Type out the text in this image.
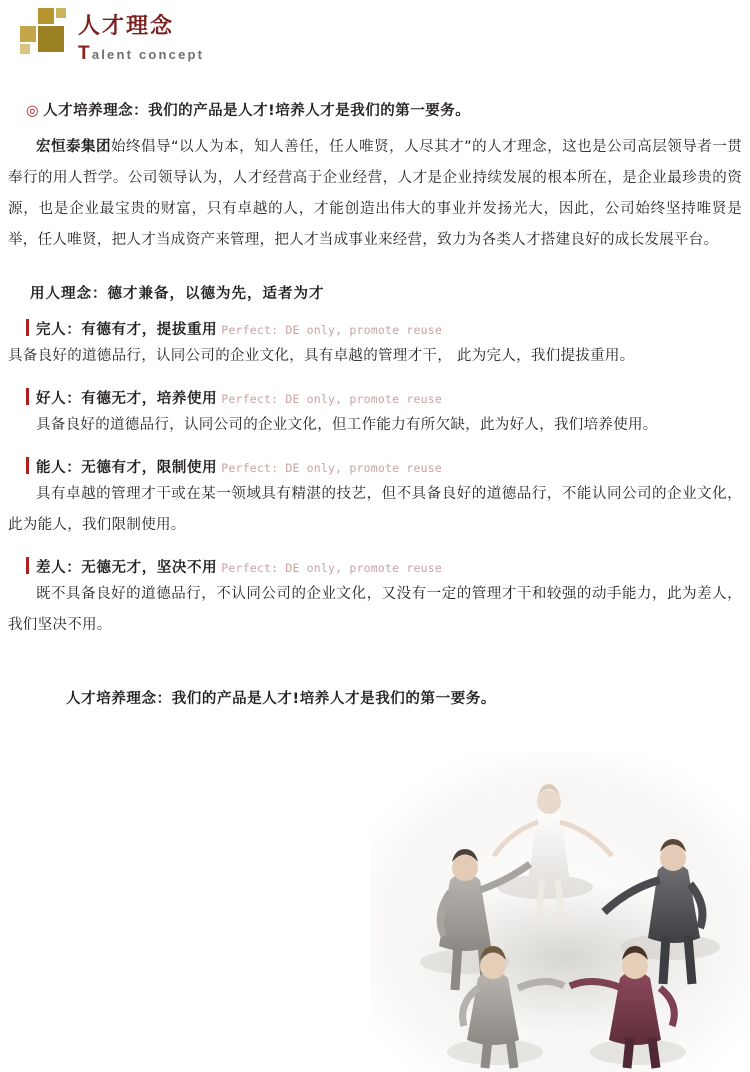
人才理念
Talent concept
◎ 人才培养理念：我们的产品是人才!培养人才是我们的第一要务。

宏恒泰集团始终倡导“以人为本，知人善任，任人唯贤，人尽其才”的人才理念，这也是公司高层领导者一贯奉行的用人哲学。公司领导认为，人才经营高于企业经营，人才是企业持续发展的根本所在，是企业最珍贵的资源，也是企业最宝贵的财富，只有卓越的人，才能创造出伟大的事业并发扬光大，因此，公司始终坚持唯贤是举，任人唯贤，把人才当成资产来管理，把人才当成事业来经营，致力为各类人才搭建良好的成长发展平台。

用人理念：德才兼备，以德为先，适者为才
完人：有德有才，提拔重用 Perfect: DE only, promote reuse

具备良好的道德品行，认同公司的企业文化，具有卓越的管理才干， 此为完人，我们提拔重用。

好人：有德无才，培养使用 Perfect: DE only, promote reuse

具备良好的道德品行，认同公司的企业文化，但工作能力有所欠缺，此为好人，我们培养使用。

能人：无德有才，限制使用 Perfect: DE only, promote reuse

具有卓越的管理才干或在某一领域具有精湛的技艺，但不具备良好的道德品行，不能认同公司的企业文化，此为能人，我们限制使用。

差人：无德无才，坚决不用 Perfect: DE only, promote reuse

既不具备良好的道德品行，不认同公司的企业文化，又没有一定的管理才干和较强的动手能力，此为差人，我们坚决不用。

人才培养理念：我们的产品是人才!培养人才是我们的第一要务。
